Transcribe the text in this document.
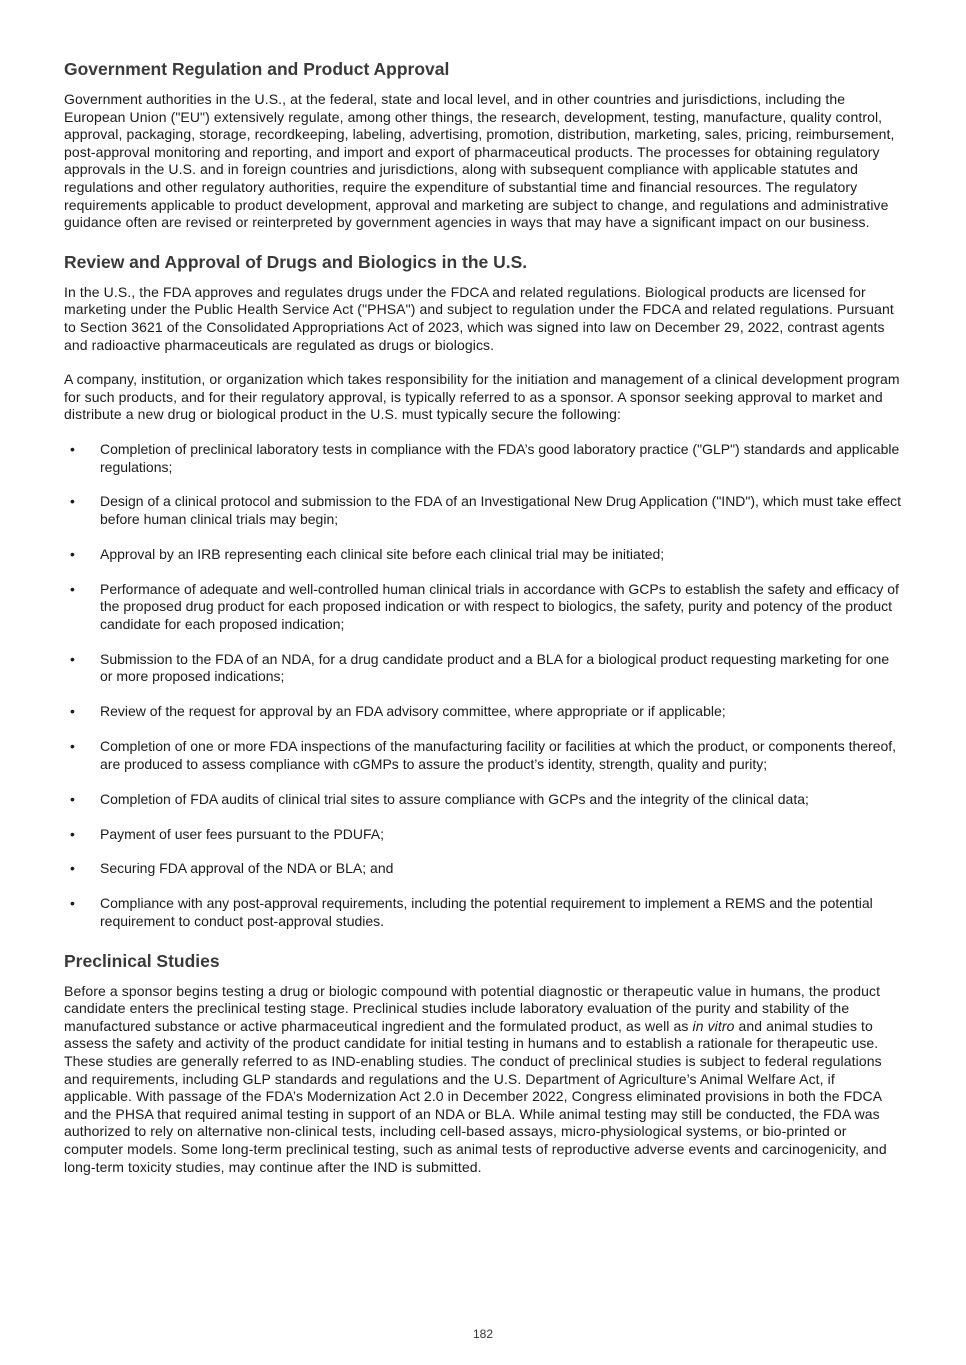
Government Regulation and Product Approval

Government authorities in the U.S., at the federal, state and local level, and in other countries and jurisdictions, including the European Union ("EU") extensively regulate, among other things, the research, development, testing, manufacture, quality control, approval, packaging, storage, recordkeeping, labeling, advertising, promotion, distribution, marketing, sales, pricing, reimbursement, post-approval monitoring and reporting, and import and export of pharmaceutical products. The processes for obtaining regulatory approvals in the U.S. and in foreign countries and jurisdictions, along with subsequent compliance with applicable statutes and regulations and other regulatory authorities, require the expenditure of substantial time and financial resources. The regulatory requirements applicable to product development, approval and marketing are subject to change, and regulations and administrative guidance often are revised or reinterpreted by government agencies in ways that may have a significant impact on our business.

Review and Approval of Drugs and Biologics in the U.S.

In the U.S., the FDA approves and regulates drugs under the FDCA and related regulations. Biological products are licensed for marketing under the Public Health Service Act ("PHSA") and subject to regulation under the FDCA and related regulations. Pursuant to Section 3621 of the Consolidated Appropriations Act of 2023, which was signed into law on December 29, 2022, contrast agents and radioactive pharmaceuticals are regulated as drugs or biologics.

A company, institution, or organization which takes responsibility for the initiation and management of a clinical development program for such products, and for their regulatory approval, is typically referred to as a sponsor. A sponsor seeking approval to market and distribute a new drug or biological product in the U.S. must typically secure the following:

• Completion of preclinical laboratory tests in compliance with the FDA’s good laboratory practice ("GLP") standards and applicable regulations;
• Design of a clinical protocol and submission to the FDA of an Investigational New Drug Application ("IND"), which must take effect before human clinical trials may begin;
• Approval by an IRB representing each clinical site before each clinical trial may be initiated;
• Performance of adequate and well-controlled human clinical trials in accordance with GCPs to establish the safety and efficacy of the proposed drug product for each proposed indication or with respect to biologics, the safety, purity and potency of the product candidate for each proposed indication;
• Submission to the FDA of an NDA, for a drug candidate product and a BLA for a biological product requesting marketing for one or more proposed indications;
• Review of the request for approval by an FDA advisory committee, where appropriate or if applicable;
• Completion of one or more FDA inspections of the manufacturing facility or facilities at which the product, or components thereof, are produced to assess compliance with cGMPs to assure the product’s identity, strength, quality and purity;
• Completion of FDA audits of clinical trial sites to assure compliance with GCPs and the integrity of the clinical data;
• Payment of user fees pursuant to the PDUFA;
• Securing FDA approval of the NDA or BLA; and
• Compliance with any post-approval requirements, including the potential requirement to implement a REMS and the potential requirement to conduct post-approval studies.
Preclinical Studies

Before a sponsor begins testing a drug or biologic compound with potential diagnostic or therapeutic value in humans, the product candidate enters the preclinical testing stage. Preclinical studies include laboratory evaluation of the purity and stability of the manufactured substance or active pharmaceutical ingredient and the formulated product, as well as in vitro and animal studies to assess the safety and activity of the product candidate for initial testing in humans and to establish a rationale for therapeutic use. These studies are generally referred to as IND-enabling studies. The conduct of preclinical studies is subject to federal regulations and requirements, including GLP standards and regulations and the U.S. Department of Agriculture’s Animal Welfare Act, if applicable. With passage of the FDA’s Modernization Act 2.0 in December 2022, Congress eliminated provisions in both the FDCA and the PHSA that required animal testing in support of an NDA or BLA. While animal testing may still be conducted, the FDA was authorized to rely on alternative non-clinical tests, including cell-based assays, micro-physiological systems, or bio-printed or computer models. Some long-term preclinical testing, such as animal tests of reproductive adverse events and carcinogenicity, and long-term toxicity studies, may continue after the IND is submitted.

182
